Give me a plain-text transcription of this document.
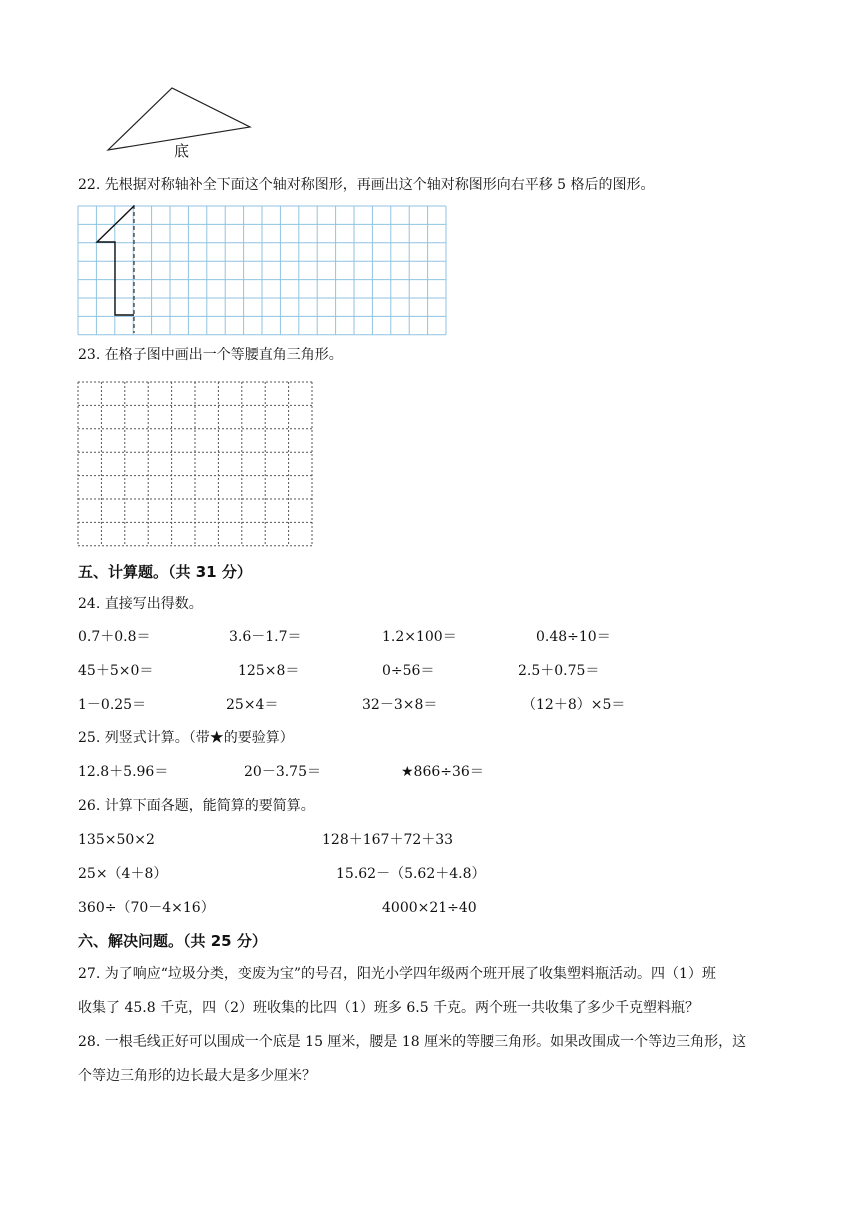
底
22. 先根据对称轴补全下面这个轴对称图形，再画出这个轴对称图形向右平移 5 格后的图形。
23. 在格子图中画出一个等腰直角三角形。
五、计算题。（共 31 分）
24. 直接写出得数。
0.7＋0.8＝	3.6－1.7＝	1.2×100＝	0.48÷10＝
45＋5×0＝	125×8＝	0÷56＝	2.5＋0.75＝
1－0.25＝	25×4＝	32－3×8＝	（12＋8）×5＝
25. 列竖式计算。（带★的要验算）
12.8＋5.96＝	20－3.75＝	★866÷36＝
26. 计算下面各题，能简算的要简算。
135×50×2	128＋167＋72＋33
25×（4＋8）	15.62－（5.62＋4.8）
360÷（70－4×16）	4000×21÷40
六、解决问题。（共 25 分）
27. 为了响应“垃圾分类，变废为宝”的号召，阳光小学四年级两个班开展了收集塑料瓶活动。四（1）班
收集了 45.8 千克，四（2）班收集的比四（1）班多 6.5 千克。两个班一共收集了多少千克塑料瓶？
28. 一根毛线正好可以围成一个底是 15 厘米，腰是 18 厘米的等腰三角形。如果改围成一个等边三角形，这
个等边三角形的边长最大是多少厘米？
